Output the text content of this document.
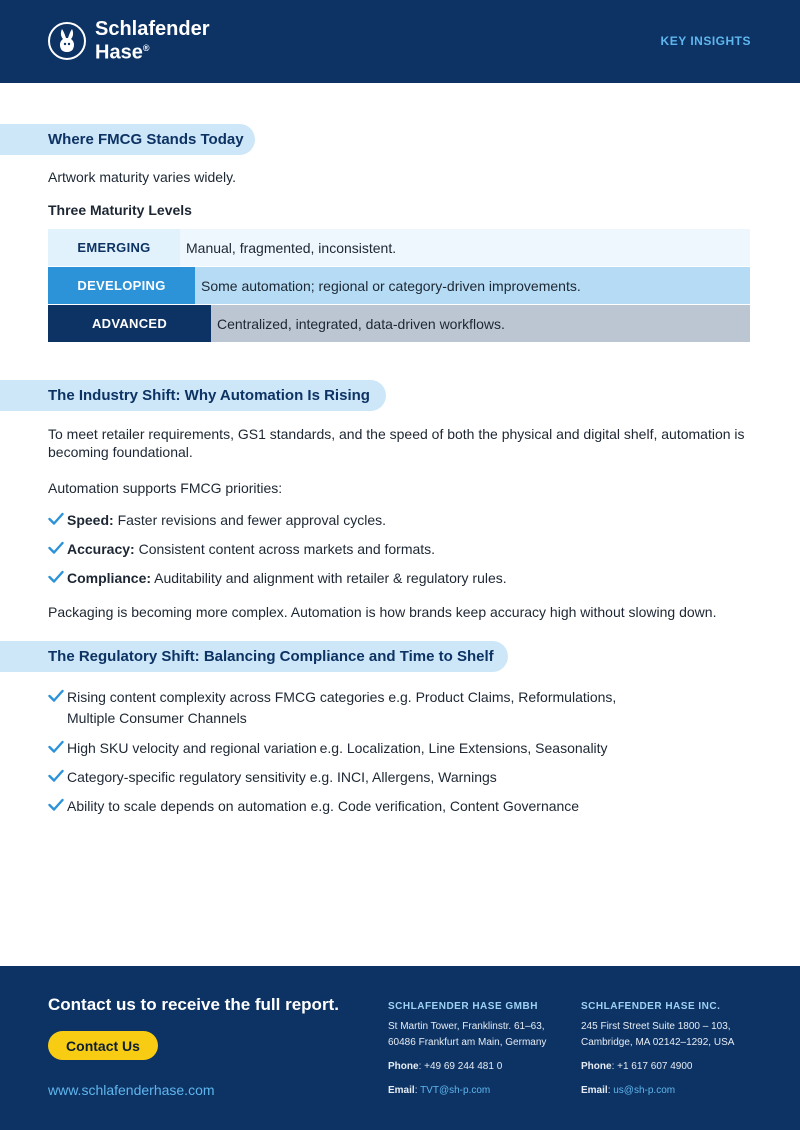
Schlafender
Hase®	KEY INSIGHTS
Where FMCG Stands Today
Artwork maturity varies widely.
Three Maturity Levels
EMERGING	Manual, fragmented, inconsistent.
DEVELOPING	Some automation; regional or category-driven improvements.
ADVANCED	Centralized, integrated, data-driven workflows.
The Industry Shift: Why Automation Is Rising
To meet retailer requirements, GS1 standards, and the speed of both the physical and digital shelf, automation is becoming foundational.
Automation supports FMCG priorities:
Speed: Faster revisions and fewer approval cycles.
Accuracy: Consistent content across markets and formats.
Compliance: Auditability and alignment with retailer & regulatory rules.
Packaging is becoming more complex. Automation is how brands keep accuracy high without slowing down.
The Regulatory Shift: Balancing Compliance and Time to Shelf
Rising content complexity across FMCG categories e.g. Product Claims, Reformulations,
Multiple Consumer Channels
High SKU velocity and regional variation e.g. Localization, Line Extensions, Seasonality
Category-specific regulatory sensitivity e.g. INCI, Allergens, Warnings
Ability to scale depends on automation e.g. Code verification, Content Governance
Contact us to receive the full report.
Contact Us
www.schlafenderhase.com
SCHLAFENDER HASE GMBH
St Martin Tower, Franklinstr. 61–63,
60486 Frankfurt am Main, Germany
Phone: +49 69 244 481 0
Email: TVT@sh-p.com
SCHLAFENDER HASE INC.
245 First Street Suite 1800 – 103,
Cambridge, MA 02142–1292, USA
Phone: +1 617 607 4900
Email: us@sh-p.com
